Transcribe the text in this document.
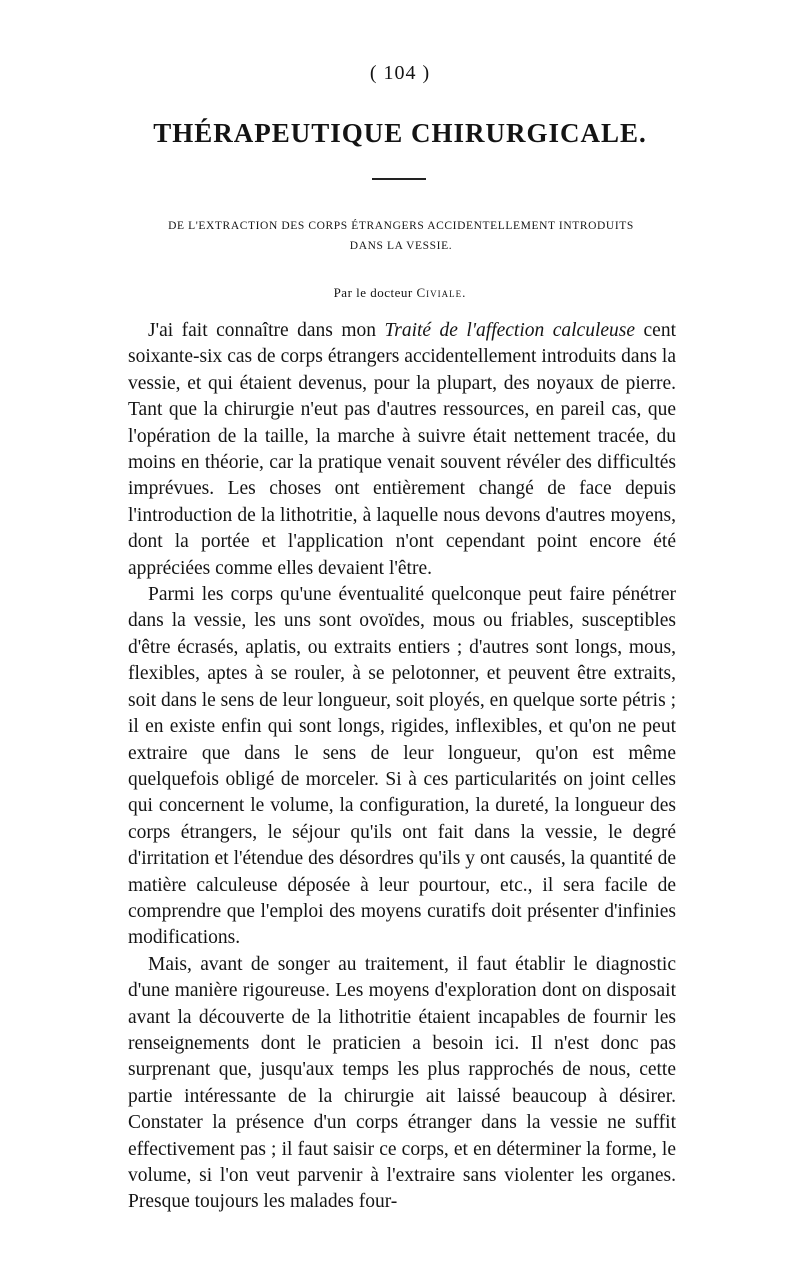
( 104 )
THÉRAPEUTIQUE CHIRURGICALE.
DE L'EXTRACTION DES CORPS ÉTRANGERS ACCIDENTELLEMENT INTRODUITS
DANS LA VESSIE.
Par le docteur Civiale.

J'ai fait connaître dans mon Traité de l'affection calculeuse cent soixante-six cas de corps étrangers accidentellement introduits dans la vessie, et qui étaient devenus, pour la plupart, des noyaux de pierre. Tant que la chirurgie n'eut pas d'autres ressources, en pareil cas, que l'opération de la taille, la marche à suivre était nettement tracée, du moins en théorie, car la pratique venait souvent révéler des difficultés imprévues. Les choses ont entièrement changé de face depuis l'introduction de la lithotritie, à laquelle nous devons d'autres moyens, dont la portée et l'application n'ont cependant point encore été appréciées comme elles devaient l'être.

Parmi les corps qu'une éventualité quelconque peut faire pénétrer dans la vessie, les uns sont ovoïdes, mous ou friables, susceptibles d'être écrasés, aplatis, ou extraits entiers ; d'autres sont longs, mous, flexibles, aptes à se rouler, à se pelotonner, et peuvent être extraits, soit dans le sens de leur longueur, soit ployés, en quelque sorte pétris ; il en existe enfin qui sont longs, rigides, inflexibles, et qu'on ne peut extraire que dans le sens de leur longueur, qu'on est même quelquefois obligé de morceler. Si à ces particularités on joint celles qui concernent le volume, la configuration, la dureté, la longueur des corps étrangers, le séjour qu'ils ont fait dans la vessie, le degré d'irritation et l'étendue des désordres qu'ils y ont causés, la quantité de matière calculeuse déposée à leur pourtour, etc., il sera facile de comprendre que l'emploi des moyens curatifs doit présenter d'infinies modifications.

Mais, avant de songer au traitement, il faut établir le diagnostic d'une manière rigoureuse. Les moyens d'exploration dont on disposait avant la découverte de la lithotritie étaient incapables de fournir les renseignements dont le praticien a besoin ici. Il n'est donc pas surprenant que, jusqu'aux temps les plus rapprochés de nous, cette partie intéressante de la chirurgie ait laissé beaucoup à désirer. Constater la présence d'un corps étranger dans la vessie ne suffit effectivement pas ; il faut saisir ce corps, et en déterminer la forme, le volume, si l'on veut parvenir à l'extraire sans violenter les organes. Presque toujours les malades four-
